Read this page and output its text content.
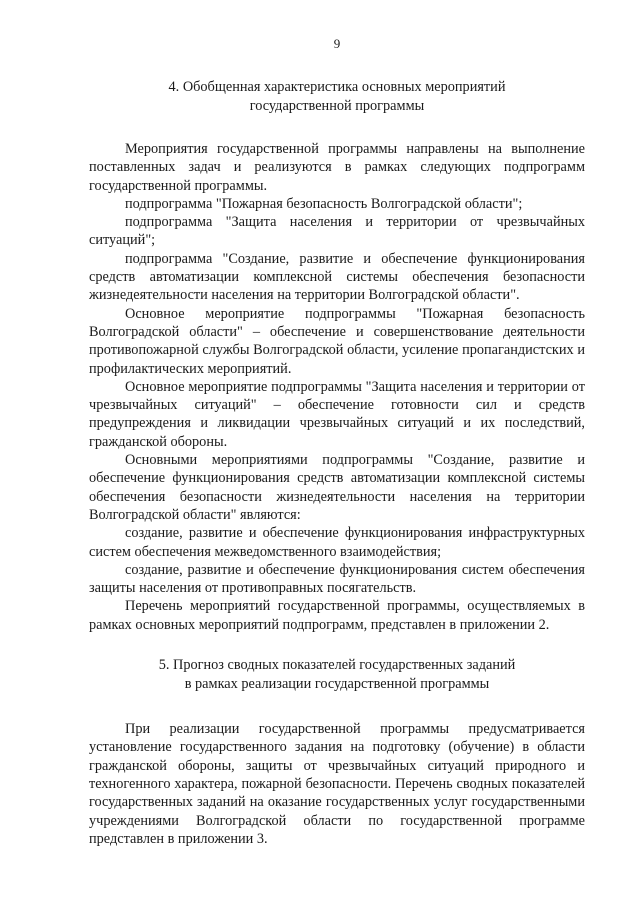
9
4. Обобщенная характеристика основных мероприятий
государственной программы

Мероприятия государственной программы направлены на выполнение поставленных задач и реализуются в рамках следующих подпрограмм государственной программы.

подпрограмма "Пожарная безопасность Волгоградской области";

подпрограмма "Защита населения и территории от чрезвычайных ситуаций";

подпрограмма "Создание, развитие и обеспечение функционирования средств автоматизации комплексной системы обеспечения безопасности жизнедеятельности населения на территории Волгоградской области".

Основное мероприятие подпрограммы "Пожарная безопасность Волгоградской области" – обеспечение и совершенствование деятельности противопожарной службы Волгоградской области, усиление пропагандистских и профилактических мероприятий.

Основное мероприятие подпрограммы "Защита населения и территории от чрезвычайных ситуаций" – обеспечение готовности сил и средств предупреждения и ликвидации чрезвычайных ситуаций и их последствий, гражданской обороны.

Основными мероприятиями подпрограммы "Создание, развитие и обеспечение функционирования средств автоматизации комплексной системы обеспечения безопасности жизнедеятельности населения на территории Волгоградской области" являются:

создание, развитие и обеспечение функционирования инфраструктурных систем обеспечения межведомственного взаимодействия;

создание, развитие и обеспечение функционирования систем обеспечения защиты населения от противоправных посягательств.

Перечень мероприятий государственной программы, осуществляемых в рамках основных мероприятий подпрограмм, представлен в приложении 2.

5. Прогноз сводных показателей государственных заданий
в рамках реализации государственной программы

При реализации государственной программы предусматривается установление государственного задания на подготовку (обучение) в области гражданской обороны, защиты от чрезвычайных ситуаций природного и техногенного характера, пожарной безопасности. Перечень сводных показателей государственных заданий на оказание государственных услуг государственными учреждениями Волгоградской области по государственной программе представлен в приложении 3.
